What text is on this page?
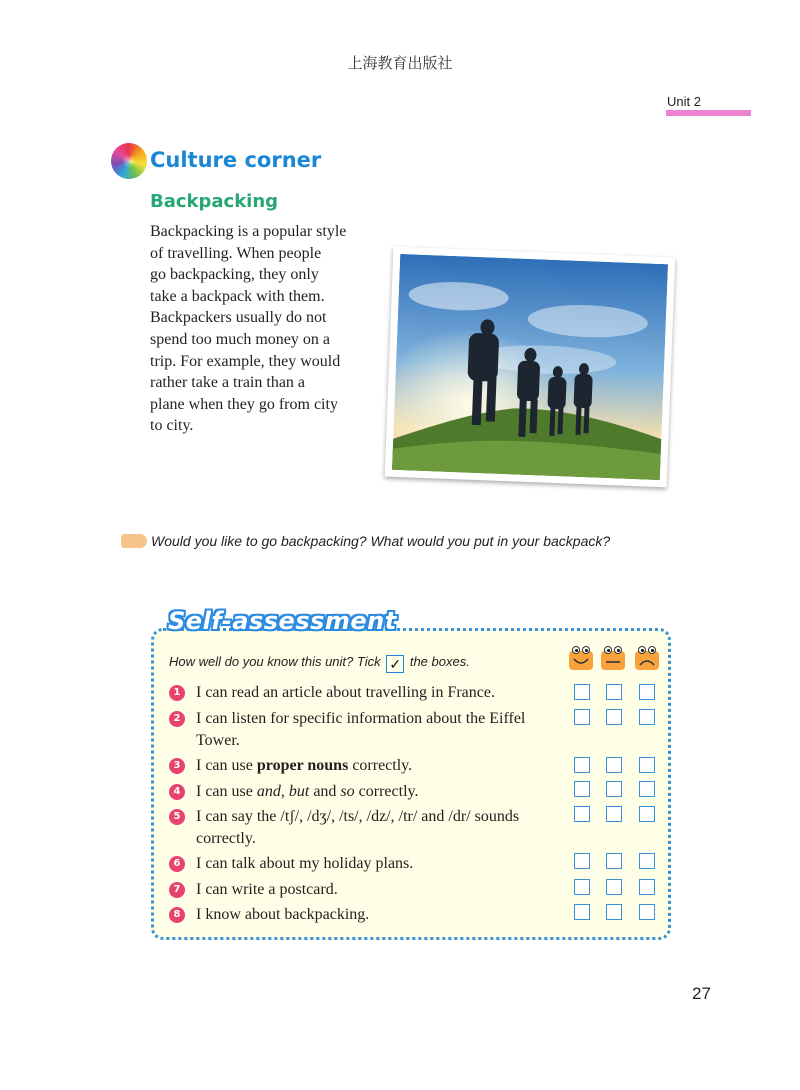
上海教育出版社
Unit 2
Culture corner
Backpacking
Backpacking is a popular style
of travelling. When people
go backpacking, they only
take a backpack with them.
Backpackers usually do not
spend too much money on a
trip. For example, they would
rather take a train than a
plane when they go from city
to city.
Would you like to go backpacking? What would you put in your backpack?
Self-assessment
How well do you know this unit? Tick ✓ the boxes.
1 I can read an article about travelling in France.
2 I can listen for specific information about the Eiffel Tower.
3 I can use proper nouns correctly.
4 I can use and, but and so correctly.
5 I can say the /tʃ/, /dʒ/, /ts/, /dz/, /tr/ and /dr/ sounds correctly.
6 I can talk about my holiday plans.
7 I can write a postcard.
8 I know about backpacking.
27
